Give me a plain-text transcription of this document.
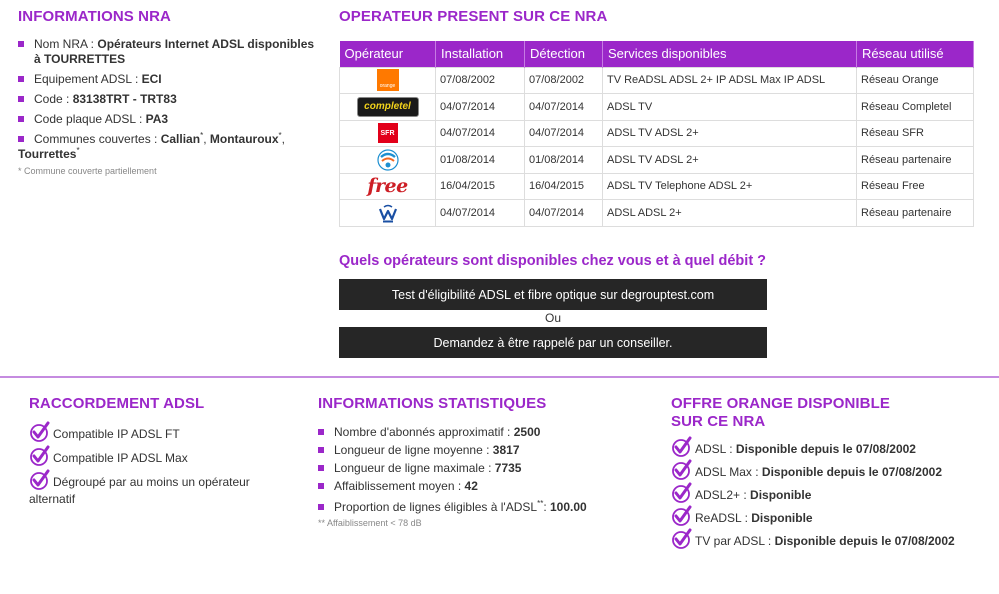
INFORMATIONS NRA
Nom NRA : Opérateurs Internet ADSL disponibles à TOURRETTES
Equipement ADSL : ECI
Code : 83138TRT - TRT83
Code plaque ADSL : PA3
Communes couvertes : Callian*, Montauroux*,
Tourrettes*
* Commune couverte partiellement
OPERATEUR PRESENT SUR CE NRA
Opérateur	Installation	Détection	Services disponibles	Réseau utilisé

orange	07/08/2002	07/08/2002	TV ReADSL ADSL 2+ IP ADSL Max IP ADSL	Réseau Orange

completel	04/07/2014	04/07/2014	ADSL TV	Réseau Completel

SFR	04/07/2014	04/07/2014	ADSL TV ADSL 2+	Réseau SFR

	01/08/2014	01/08/2014	ADSL TV ADSL 2+	Réseau partenaire

free	16/04/2015	16/04/2015	ADSL TV Telephone ADSL 2+	Réseau Free

	04/07/2014	04/07/2014	ADSL ADSL 2+	Réseau partenaire
Quels opérateurs sont disponibles chez vous et à quel débit ?
Test d'éligibilité ADSL et fibre optique sur degrouptest.com
Ou
Demandez à être rappelé par un conseiller.
RACCORDEMENT ADSL
Compatible IP ADSL FT
Compatible IP ADSL Max
Dégroupé par au moins un opérateur alternatif
INFORMATIONS STATISTIQUES
Nombre d'abonnés approximatif : 2500
Longueur de ligne moyenne : 3817
Longueur de ligne maximale : 7735
Affaiblissement moyen : 42
Proportion de lignes éligibles à l'ADSL**: 100.00
** Affaiblissement < 78 dB
OFFRE ORANGE DISPONIBLE
SUR CE NRA
ADSL : Disponible depuis le 07/08/2002
ADSL Max : Disponible depuis le 07/08/2002
ADSL2+ : Disponible
ReADSL : Disponible
TV par ADSL : Disponible depuis le 07/08/2002
